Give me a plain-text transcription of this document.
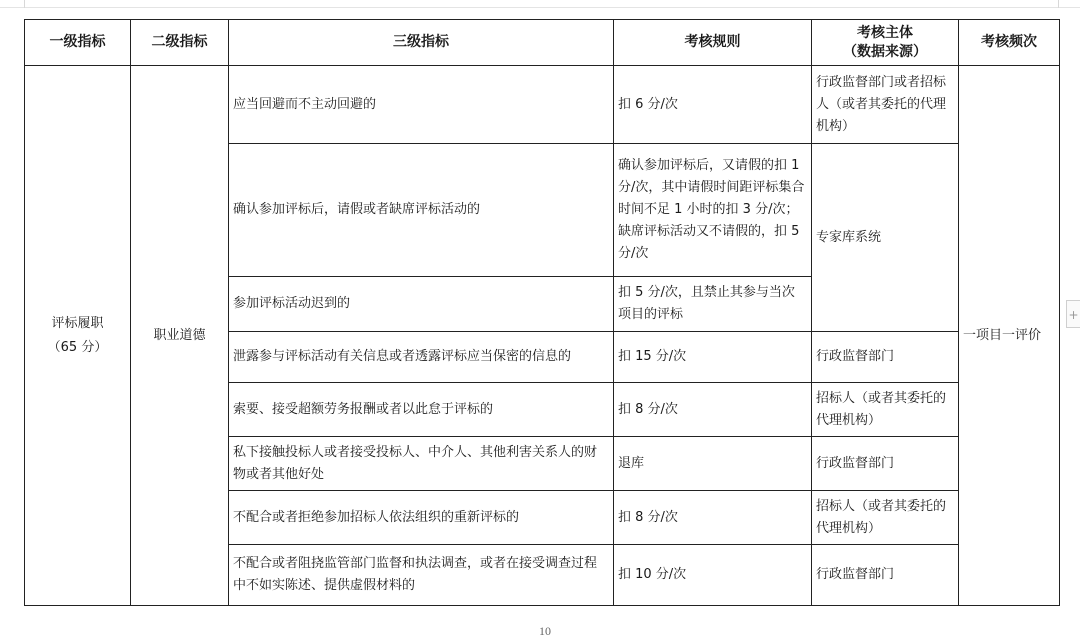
一级指标	二级指标	三级指标	考核规则	考核主体
（数据来源）	考核频次
评标履职
（65 分）	职业道德	应当回避而不主动回避的	扣 6 分/次	行政监督部门或者招标人（或者其委托的代理机构）	一项目一评价
		确认参加评标后，请假或者缺席评标活动的	确认参加评标后，又请假的扣 1 分/次，其中请假时间距评标集合时间不足 1 小时的扣 3 分/次；缺席评标活动又不请假的，扣 5 分/次	专家库系统	
		参加评标活动迟到的	扣 5 分/次，且禁止其参与当次项目的评标		
		泄露参与评标活动有关信息或者透露评标应当保密的信息的	扣 15 分/次	行政监督部门	
		索要、接受超额劳务报酬或者以此怠于评标的	扣 8 分/次	招标人（或者其委托的代理机构）	
		私下接触投标人或者接受投标人、中介人、其他利害关系人的财物或者其他好处	退库	行政监督部门	
		不配合或者拒绝参加招标人依法组织的重新评标的	扣 8 分/次	招标人（或者其委托的代理机构）	
		不配合或者阻挠监管部门监督和执法调查，或者在接受调查过程中不如实陈述、提供虚假材料的	扣 10 分/次	行政监督部门	
+
10
